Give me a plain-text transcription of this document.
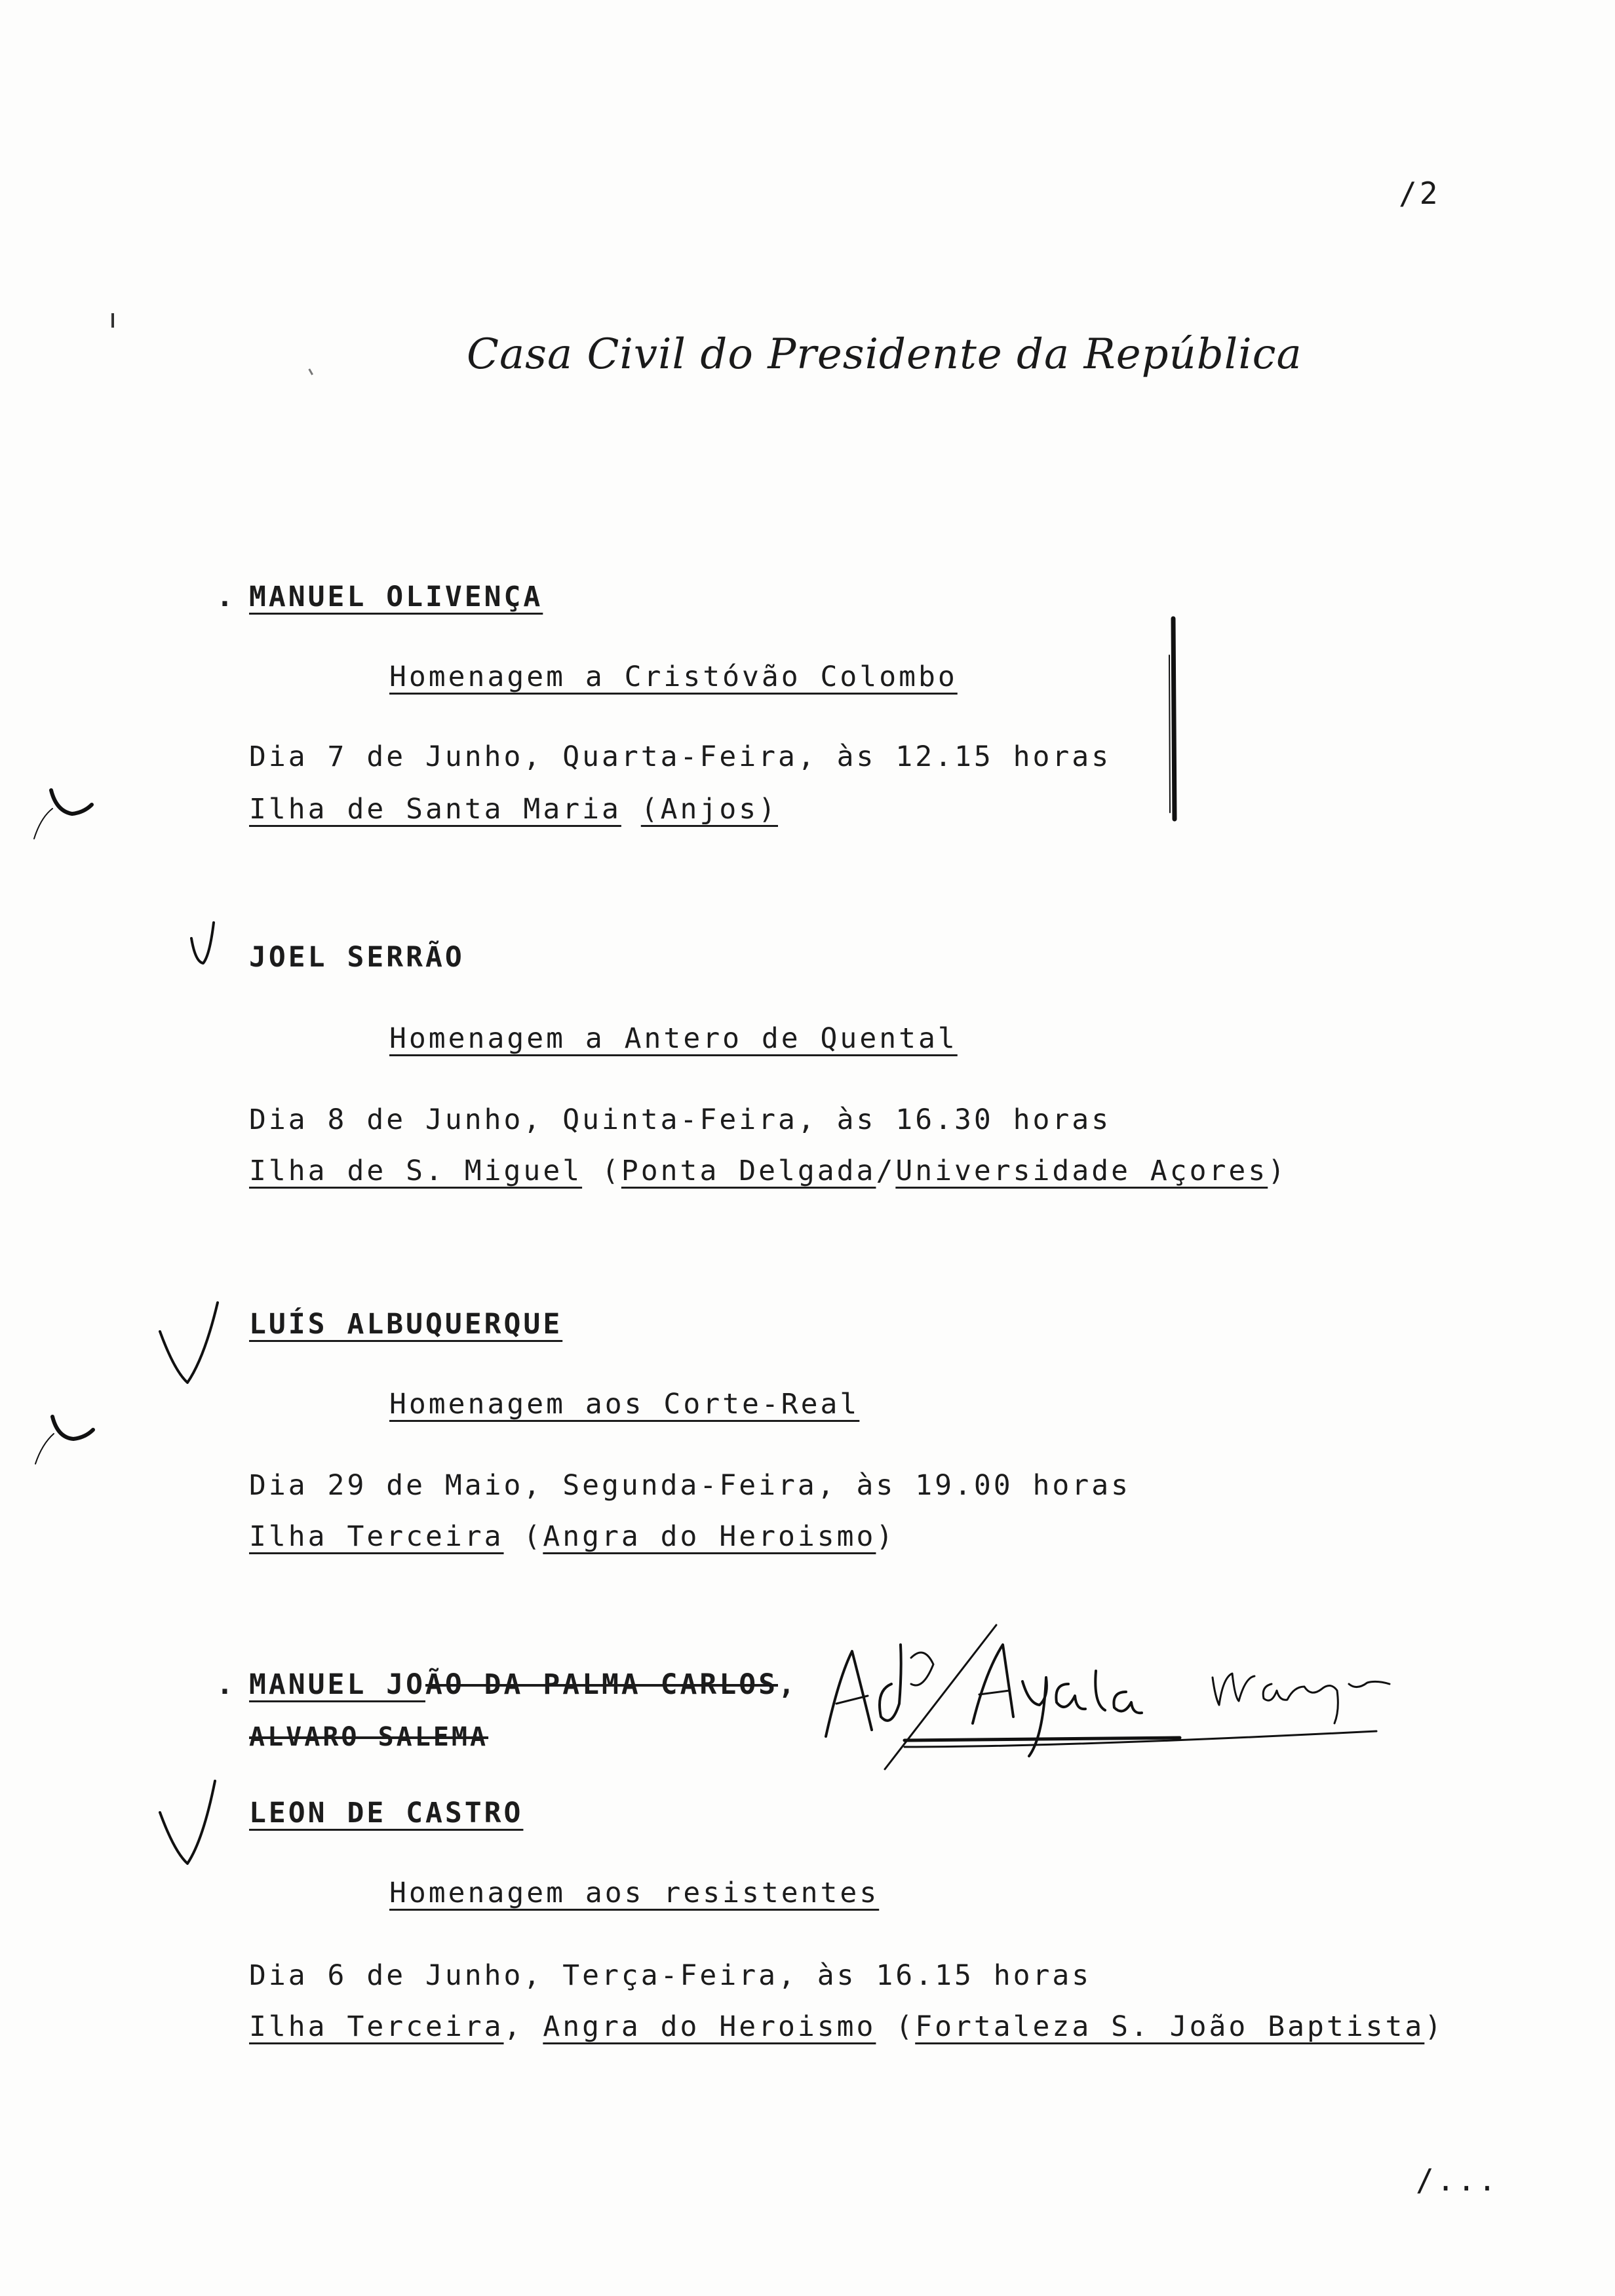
/2
Casa Civil do Presidente da República
. MANUEL OLIVENÇA
Homenagem a Cristóvão Colombo
Dia 7 de Junho, Quarta-Feira, às 12.15 horas
Ilha de Santa Maria (Anjos)
JOEL SERRÃO
Homenagem a Antero de Quental
Dia 8 de Junho, Quinta-Feira, às 16.30 horas
Ilha de S. Miguel (Ponta Delgada/Universidade Açores)
LUÍS ALBUQUERQUE
Homenagem aos Corte-Real
Dia 29 de Maio, Segunda-Feira, às 19.00 horas
Ilha Terceira (Angra do Heroismo)
. MANUEL JOÃO DA PALMA CARLOS,
ALVARO SALEMA
LEON DE CASTRO
Homenagem aos resistentes
Dia 6 de Junho, Terça-Feira, às 16.15 horas
Ilha Terceira, Angra do Heroismo (Fortaleza S. João Baptista)
/...
